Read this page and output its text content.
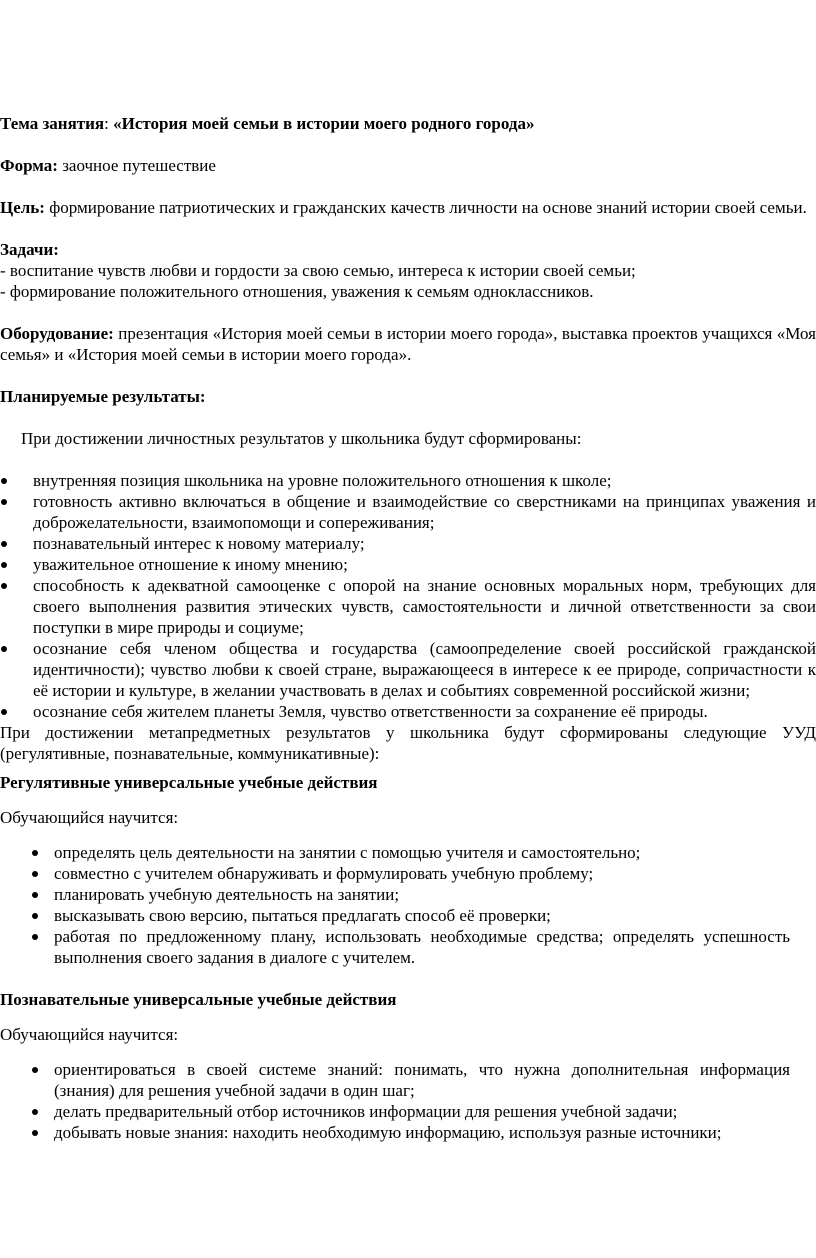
Тема занятия: «История моей семьи в истории моего родного города»

Форма: заочное путешествие

Цель: формирование патриотических и гражданских качеств личности на основе знаний истории своей семьи.

Задачи:

- воспитание чувств любви и гордости за свою семью, интереса к истории своей семьи;

- формирование положительного отношения, уважения к семьям одноклассников.

Оборудование: презентация «История моей семьи в истории моего города», выставка проектов учащихся «Моя семья» и «История моей семьи в истории моего города».

Планируемые результаты:

При достижении личностных результатов у школьника будут сформированы:

внутренняя позиция школьника на уровне положительного отношения к школе;
готовность активно включаться в общение и взаимодействие со сверстниками на принципах уважения и доброжелательности, взаимопомощи и сопереживания;
познавательный интерес к новому материалу;
уважительное отношение к иному мнению;
способность к адекватной самооценке с опорой на знание основных моральных норм, требующих для своего выполнения развития этических чувств, самостоятельности и личной ответственности за свои поступки в мире природы и социуме;
осознание себя членом общества и государства (самоопределение своей российской гражданской идентичности); чувство любви к своей стране, выражающееся в интересе к ее природе, сопричастности к её истории и культуре, в желании участвовать в делах и событиях современной российской жизни;
осознание себя жителем планеты Земля, чувство ответственности за сохранение её природы.

При достижении метапредметных результатов у школьника будут сформированы следующие УУД (регулятивные, познавательные, коммуникативные):

Регулятивные универсальные учебные действия

Обучающийся научится:

определять цель деятельности на занятии с помощью учителя и самостоятельно;
совместно с учителем обнаруживать и формулировать учебную проблему;
планировать учебную деятельность на занятии;
высказывать свою версию, пытаться предлагать способ её проверки;
работая по предложенному плану, использовать необходимые средства; определять успешность выполнения своего задания в диалоге с учителем.

Познавательные универсальные учебные действия

Обучающийся научится:

ориентироваться в своей системе знаний: понимать, что нужна дополнительная информация (знания) для решения учебной задачи в один шаг;
делать предварительный отбор источников информации для решения учебной задачи;
добывать новые знания: находить необходимую информацию, используя разные источники;
